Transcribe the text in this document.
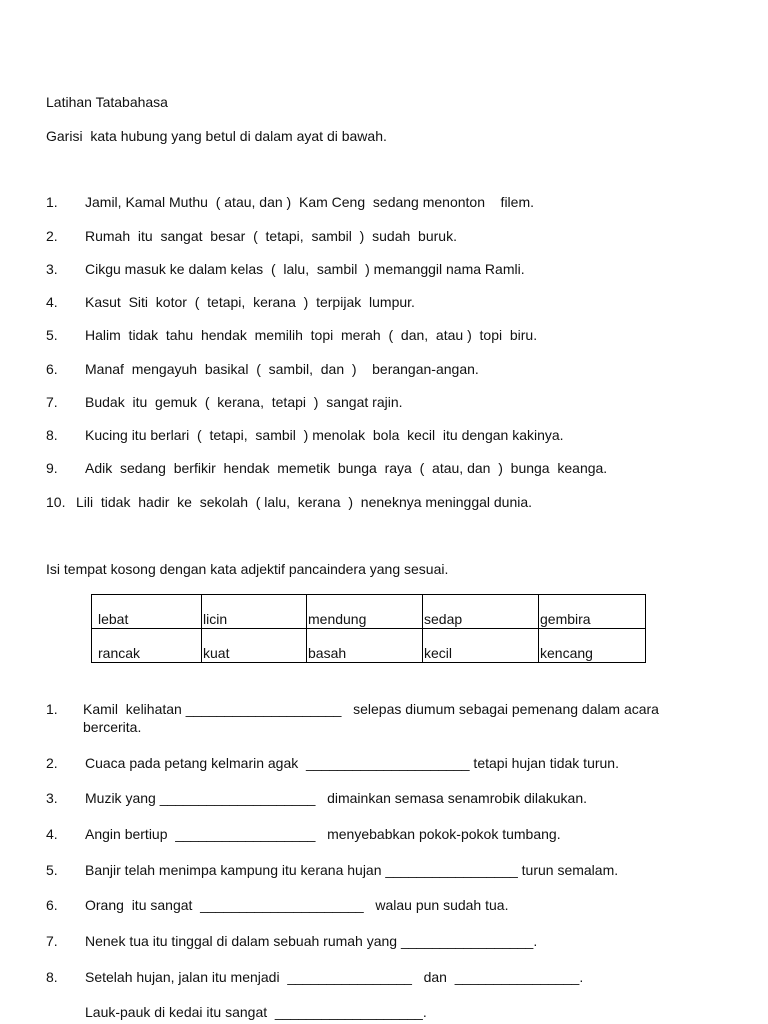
Latihan Tatabahasa
Garisi  kata hubung yang betul di dalam ayat di bawah.
1. Jamil, Kamal Muthu  ( atau, dan )  Kam Ceng  sedang menonton    filem.
2. Rumah  itu  sangat  besar  (  tetapi,  sambil  )  sudah  buruk.
3. Cikgu masuk ke dalam kelas  (  lalu,  sambil  ) memanggil nama Ramli.
4. Kasut  Siti  kotor  (  tetapi,  kerana  )  terpijak  lumpur.
5. Halim  tidak  tahu  hendak  memilih  topi  merah  (  dan,  atau )  topi  biru.
6. Manaf  mengayuh  basikal  (  sambil,  dan  )    berangan-angan.
7. Budak  itu  gemuk  (  kerana,  tetapi  )  sangat rajin.
8. Kucing itu berlari  (  tetapi,  sambil  ) menolak  bola  kecil  itu dengan kakinya.
9. Adik  sedang  berfikir  hendak  memetik  bunga  raya  (  atau, dan  )  bunga  keanga.
10. Lili  tidak  hadir  ke  sekolah  ( lalu,  kerana  )  neneknya meninggal dunia.
Isi tempat kosong dengan kata adjektif pancaindera yang sesuai.
lebat	licin	mendung	sedap	gembira
rancak	kuat	basah	kecil	kencang
1. Kamil  kelihatan ____________________   selepas diumum sebagai pemenang dalam acara
bercerita.
2. Cuaca pada petang kelmarin agak  _____________________ tetapi hujan tidak turun.
3. Muzik yang ____________________   dimainkan semasa senamrobik dilakukan.
4. Angin bertiup  __________________   menyebabkan pokok-pokok tumbang.
5. Banjir telah menimpa kampung itu kerana hujan _________________ turun semalam.
6. Orang  itu sangat  _____________________   walau pun sudah tua.
7. Nenek tua itu tinggal di dalam sebuah rumah yang _________________.
8. Setelah hujan, jalan itu menjadi  ________________   dan  ________________.
Lauk-pauk di kedai itu sangat  ___________________.
